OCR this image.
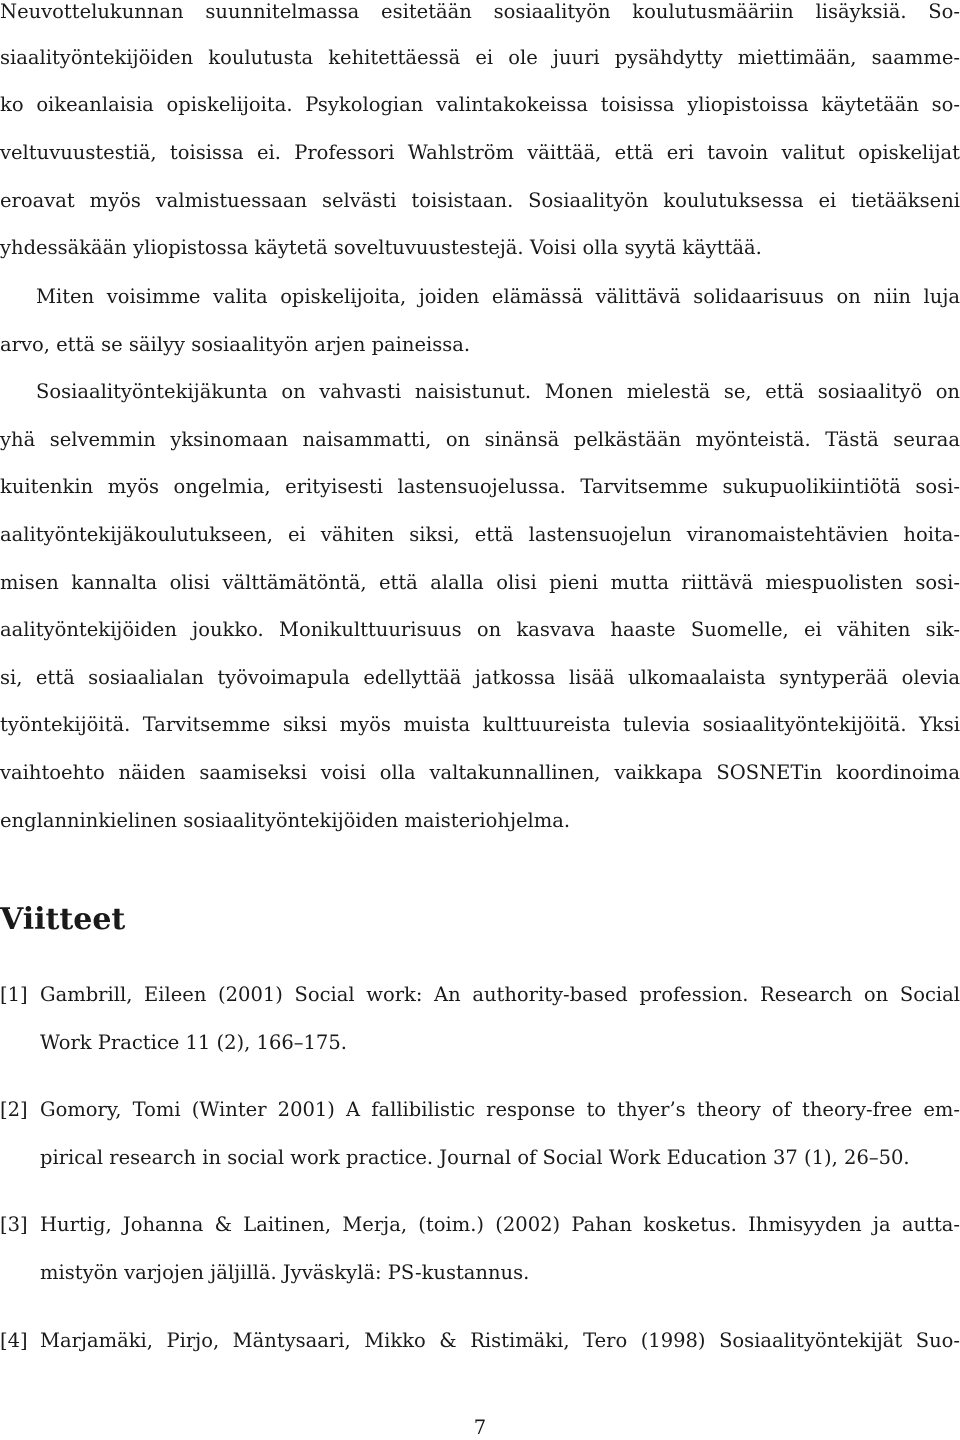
Neuvottelukunnan suunnitelmassa esitetään sosiaalityön koulutusmääriin lisäyksiä. So-
siaalityöntekijöiden koulutusta kehitettäessä ei ole juuri pysähdytty miettimään, saamme-
ko oikeanlaisia opiskelijoita. Psykologian valintakokeissa toisissa yliopistoissa käytetään so-
veltuvuustestiä, toisissa ei. Professori Wahlström väittää, että eri tavoin valitut opiskelijat
eroavat myös valmistuessaan selvästi toisistaan. Sosiaalityön koulutuksessa ei tietääkseni
yhdessäkään yliopistossa käytetä soveltuvuustestejä. Voisi olla syytä käyttää.
Miten voisimme valita opiskelijoita, joiden elämässä välittävä solidaarisuus on niin luja
arvo, että se säilyy sosiaalityön arjen paineissa.
Sosiaalityöntekijäkunta on vahvasti naisistunut. Monen mielestä se, että sosiaalityö on
yhä selvemmin yksinomaan naisammatti, on sinänsä pelkästään myönteistä. Tästä seuraa
kuitenkin myös ongelmia, erityisesti lastensuojelussa. Tarvitsemme sukupuolikiintiötä sosi-
aalityöntekijäkoulutukseen, ei vähiten siksi, että lastensuojelun viranomaistehtävien hoita-
misen kannalta olisi välttämätöntä, että alalla olisi pieni mutta riittävä miespuolisten sosi-
aalityöntekijöiden joukko. Monikulttuurisuus on kasvava haaste Suomelle, ei vähiten sik-
si, että sosiaalialan työvoimapula edellyttää jatkossa lisää ulkomaalaista syntyperää olevia
työntekijöitä. Tarvitsemme siksi myös muista kulttuureista tulevia sosiaalityöntekijöitä. Yksi
vaihtoehto näiden saamiseksi voisi olla valtakunnallinen, vaikkapa SOSNETin koordinoima
englanninkielinen sosiaalityöntekijöiden maisteriohjelma.
Viitteet
[1] Gambrill, Eileen (2001) Social work: An authority-based profession. Research on Social
Work Practice 11 (2), 166–175.
[2] Gomory, Tomi (Winter 2001) A fallibilistic response to thyer’s theory of theory-free em-
pirical research in social work practice. Journal of Social Work Education 37 (1), 26–50.
[3] Hurtig, Johanna & Laitinen, Merja, (toim.) (2002) Pahan kosketus. Ihmisyyden ja autta-
mistyön varjojen jäljillä. Jyväskylä: PS-kustannus.
[4] Marjamäki, Pirjo, Mäntysaari, Mikko & Ristimäki, Tero (1998) Sosiaalityöntekijät Suo-
7
